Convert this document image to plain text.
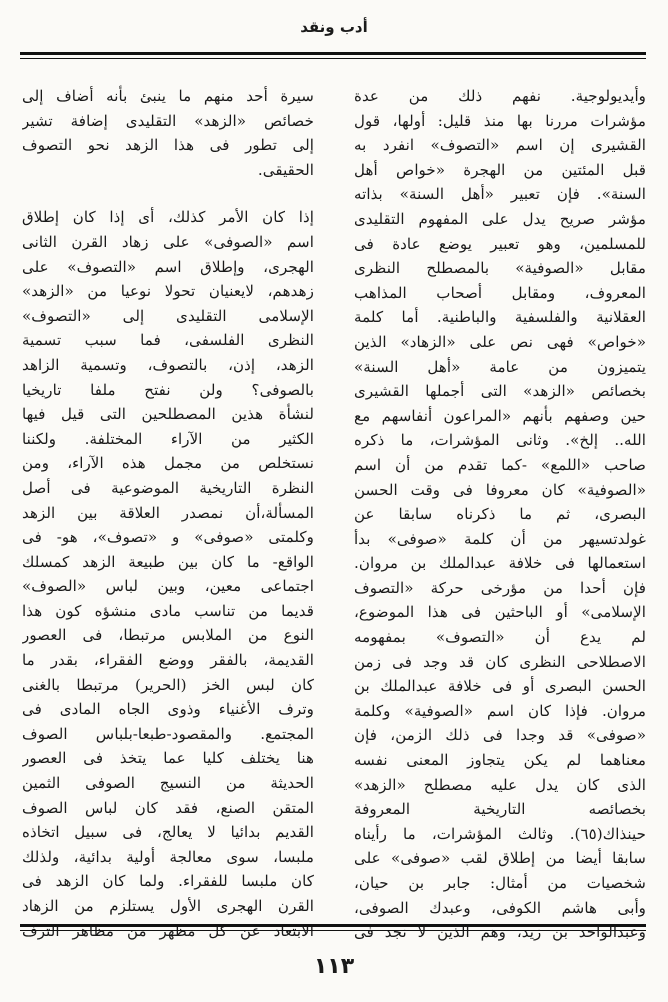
أدب ونقد
وأيديولوجية. نفهم ذلك من عدة
مؤشرات مررنا بها منذ قليل: أولها، قول
القشيرى إن اسم «التصوف» انفرد به
قبل المئتين من الهجرة «خواص أهل
السنة». فإن تعبير «أهل السنة» بذاته
مؤشر صريح يدل على المفهوم التقليدى
للمسلمين، وهو تعبير يوضع عادة فى
مقابل «الصوفية» بالمصطلح النظرى
المعروف، ومقابل أصحاب المذاهب
العقلانية والفلسفية والباطنية. أما كلمة
«خواص» فهى نص على «الزهاد» الذين
يتميزون من عامة «أهل السنة»
بخصائص «الزهد» التى أجملها القشيرى
حين وصفهم بأنهم «المراعون أنفاسهم مع
الله.. إلخ». وثانى المؤشرات، ما ذكره
صاحب «اللمع» -كما تقدم من أن اسم
«الصوفية» كان معروفا فى وقت الحسن
البصرى، ثم ما ذكرناه سابقا عن
غولدتسيهر من أن كلمة «صوفى» بدأ
استعمالها فى خلافة عبدالملك بن مروان.
فإن أحدا من مؤرخى حركة «التصوف
الإسلامى» أو الباحثين فى هذا الموضوع،
لم يدع أن «التصوف» بمفهومه
الاصطلاحى النظرى كان قد وجد فى زمن
الحسن البصرى أو فى خلافة عبدالملك بن
مروان. فإذا كان اسم «الصوفية» وكلمة
«صوفى» قد وجدا فى ذلك الزمن، فإن
معناهما لم يكن يتجاوز المعنى نفسه
الذى كان يدل عليه مصطلح «الزهد»
بخصائصه التاريخية المعروفة
حينذاك(٦٥). وثالث المؤشرات، ما رأيناه
سابقا أيضا من إطلاق لقب «صوفى» على
شخصيات من أمثال: جابر بن حيان،
وأبى هاشم الكوفى، وعبدك الصوفى،
وعبدالواحد بن زيد، وهم الذين لا نجد فى
سيرة أحد منهم ما ينبئ بأنه أضاف إلى
خصائص «الزهد» التقليدى إضافة تشير
إلى تطور فى هذا الزهد نحو التصوف
الحقيقى.
إذا كان الأمر كذلك، أى إذا كان إطلاق
اسم «الصوفى» على زهاد القرن الثانى
الهجرى، وإطلاق اسم «التصوف» على
زهدهم، لايعنيان تحولا نوعيا من «الزهد»
الإسلامى التقليدى إلى «التصوف»
النظرى الفلسفى، فما سبب تسمية
الزهد، إذن، بالتصوف، وتسمية الزاهد
بالصوفى؟ ولن نفتح ملفا تاريخيا
لنشأة هذين المصطلحين التى قيل فيها
الكثير من الآراء المختلفة. ولكننا
نستخلص من مجمل هذه الآراء، ومن
النظرة التاريخية الموضوعية فى أصل
المسألة،أن نمصدر العلاقة بين الزهد
وكلمتى «صوفى» و «تصوف»، هو- فى
الواقع- ما كان بين طبيعة الزهد كمسلك
اجتماعى معين، وبين لباس «الصوف»
قديما من تناسب مادى منشؤه كون هذا
النوع من الملابس مرتبطا، فى العصور
القديمة، بالفقر ووضع الفقراء، بقدر ما
كان لبس الخز (الحرير) مرتبطا بالغنى
وترف الأغنياء وذوى الجاه المادى فى
المجتمع. والمقصود-طبعا-بلباس الصوف
هنا يختلف كليا عما يتخذ فى العصور
الحديثة من النسيج الصوفى الثمين
المتقن الصنع، فقد كان لباس الصوف
القديم بدائيا لا يعالج، فى سبيل اتخاذه
ملبسا، سوى معالجة أولية بدائية، ولذلك
كان ملبسا للفقراء. ولما كان الزهد فى
القرن الهجرى الأول يستلزم من الزهاد
الابتعاد عن كل مظهر من مظاهر الترف
١١٣
